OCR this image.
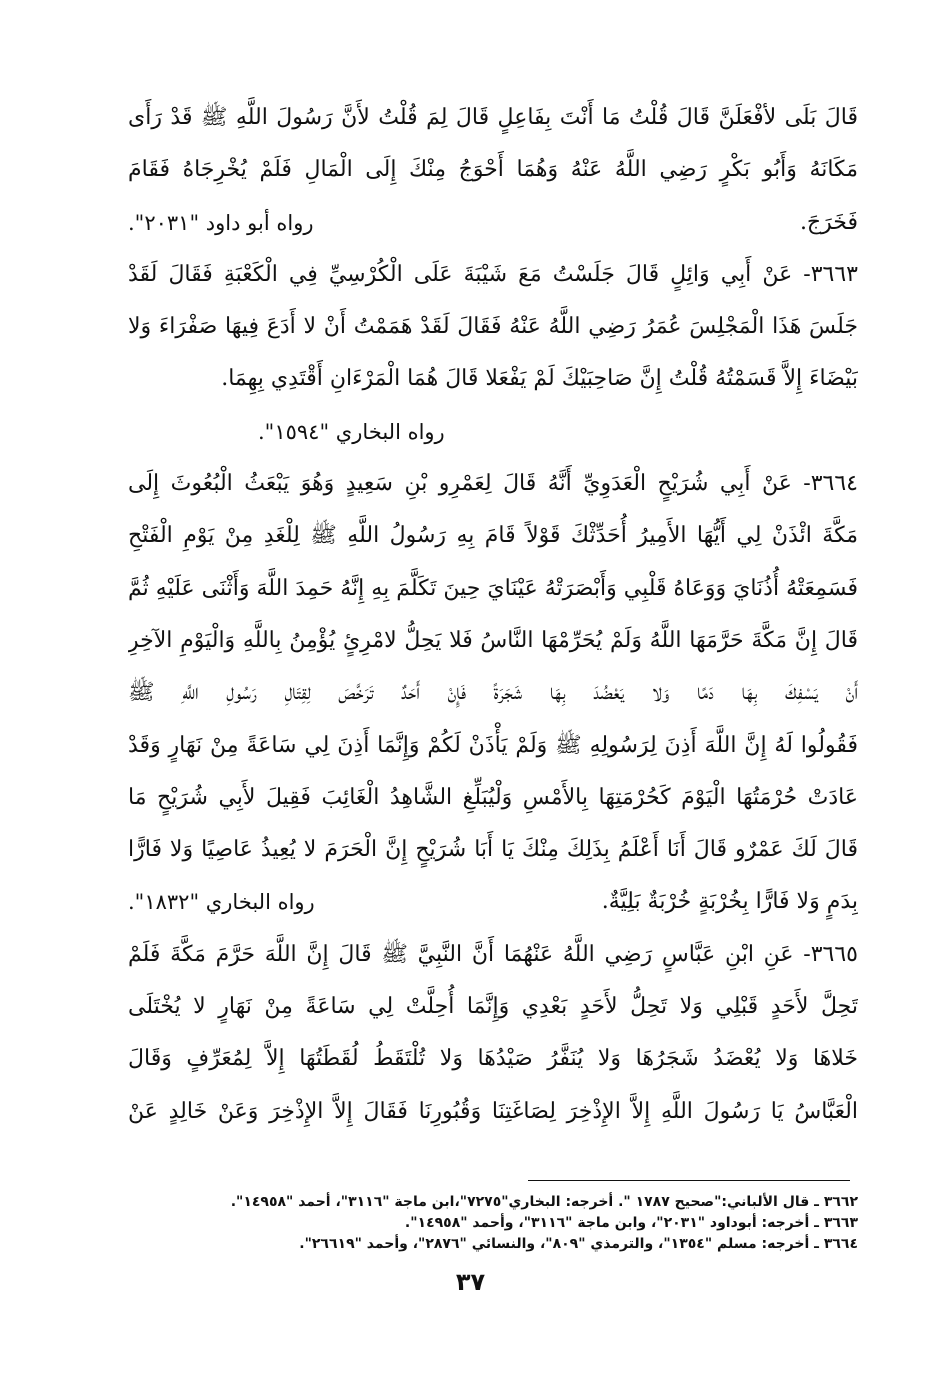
قَالَ بَلَى لأفْعَلَنَّ قَالَ قُلْتُ مَا أَنْتَ بِفَاعِلٍ قَالَ لِمَ قُلْتُ لأَنَّ رَسُولَ اللَّهِ ﷺ قَدْ رَأَى
مَكَانَهُ وَأَبُو بَكْرٍ رَضِي اللَّهُ عَنْهُ وَهُمَا أَحْوَجُ مِنْكَ إِلَى الْمَالِ فَلَمْ يُخْرِجَاهُ فَقَامَ
فَخَرَجَ.
رواه أبو داود "٢٠٣١".
٣٦٦٣- عَنْ أَبِي وَائِلٍ قَالَ جَلَسْتُ مَعَ شَيْبَةَ عَلَى الْكُرْسِيِّ فِي الْكَعْبَةِ فَقَالَ لَقَدْ
جَلَسَ هَذَا الْمَجْلِسَ عُمَرُ رَضِي اللَّهُ عَنْهُ فَقَالَ لَقَدْ هَمَمْتُ أَنْ لا أَدَعَ فِيهَا صَفْرَاءَ وَلا
بَيْضَاءَ إِلاَّ قَسَمْتُهُ قُلْتُ إِنَّ صَاحِبَيْكَ لَمْ يَفْعَلا قَالَ هُمَا الْمَرْءَانِ أَقْتَدِي بِهِمَا.
رواه البخاري "١٥٩٤".
٣٦٦٤- عَنْ أَبِي شُرَيْحٍ الْعَدَوِيِّ أَنَّهُ قَالَ لِعَمْرِو بْنِ سَعِيدٍ وَهُوَ يَبْعَثُ الْبُعُوثَ إِلَى
مَكَّةَ ائْذَنْ لِي أَيُّهَا الأَمِيرُ أُحَدِّثْكَ قَوْلاً قَامَ بِهِ رَسُولُ اللَّهِ ﷺ لِلْغَدِ مِنْ يَوْمِ الْفَتْحِ
فَسَمِعَتْهُ أُذُنَايَ وَوَعَاهُ قَلْبِي وَأَبْصَرَتْهُ عَيْنَايَ حِينَ تَكَلَّمَ بِهِ إِنَّهُ حَمِدَ اللَّهَ وَأَثْنَى عَلَيْهِ ثُمَّ
قَالَ إِنَّ مَكَّةَ حَرَّمَهَا اللَّهُ وَلَمْ يُحَرِّمْهَا النَّاسُ فَلا يَحِلُّ لامْرِئٍ يُؤْمِنُ بِاللَّهِ وَالْيَوْمِ الآخِرِ
أَنْ يَسْفِكَ بِهَا دَمًا وَلا يَعْضُدَ بِهَا شَجَرَةً فَإِنْ أَحَدٌ تَرَخَّصَ لِقِتَالِ رَسُولِ اللَّهِ ﷺ
فَقُولُوا لَهُ إِنَّ اللَّهَ أَذِنَ لِرَسُولِهِ ﷺ وَلَمْ يَأْذَنْ لَكُمْ وَإِنَّمَا أَذِنَ لِي سَاعَةً مِنْ نَهَارٍ وَقَدْ
عَادَتْ حُرْمَتُهَا الْيَوْمَ كَحُرْمَتِهَا بِالأَمْسِ وَلْيُبَلِّغِ الشَّاهِدُ الْغَائِبَ فَقِيلَ لأَبِي شُرَيْحٍ مَا
قَالَ لَكَ عَمْرٌو قَالَ أَنَا أَعْلَمُ بِذَلِكَ مِنْكَ يَا أَبَا شُرَيْحٍ إِنَّ الْحَرَمَ لا يُعِيذُ عَاصِيًا وَلا فَارًّا
بِدَمٍ وَلا فَارًّا بِخُرْبَةٍ خُرْبَةٌ بَلِيَّةٌ.
رواه البخاري "١٨٣٢".
٣٦٦٥- عَنِ ابْنِ عَبَّاسٍ رَضِي اللَّهُ عَنْهُمَا أَنَّ النَّبِيَّ ﷺ قَالَ إِنَّ اللَّهَ حَرَّمَ مَكَّةَ فَلَمْ
تَحِلَّ لأَحَدٍ قَبْلِي وَلا تَحِلُّ لأَحَدٍ بَعْدِي وَإِنَّمَا أُحِلَّتْ لِي سَاعَةً مِنْ نَهَارٍ لا يُخْتَلَى
خَلاهَا وَلا يُعْضَدُ شَجَرُهَا وَلا يُنَفَّرُ صَيْدُهَا وَلا تُلْتَقَطُ لُقَطَتُهَا إِلاَّ لِمُعَرِّفٍ وَقَالَ
الْعَبَّاسُ يَا رَسُولَ اللَّهِ إِلاَّ الإِذْخِرَ لِصَاغَتِنَا وَقُبُورِنَا فَقَالَ إِلاَّ الإِذْخِرَ وَعَنْ خَالِدٍ عَنْ
٣٦٦٢ ـ قال الألباني:"صحيح ١٧٨٧ ". أخرجه: البخاري"٧٢٧٥"،ابن ماجة "٣١١٦"، أحمد "١٤٩٥٨".
٣٦٦٣ ـ أخرجه: أبوداود "٢٠٣١"، وابن ماجة "٣١١٦"، وأحمد "١٤٩٥٨".
٣٦٦٤ ـ أخرجه: مسلم "١٣٥٤"، والترمذي "٨٠٩"، والنسائي "٢٨٧٦"، وأحمد "٢٦٦١٩".
٣٧
